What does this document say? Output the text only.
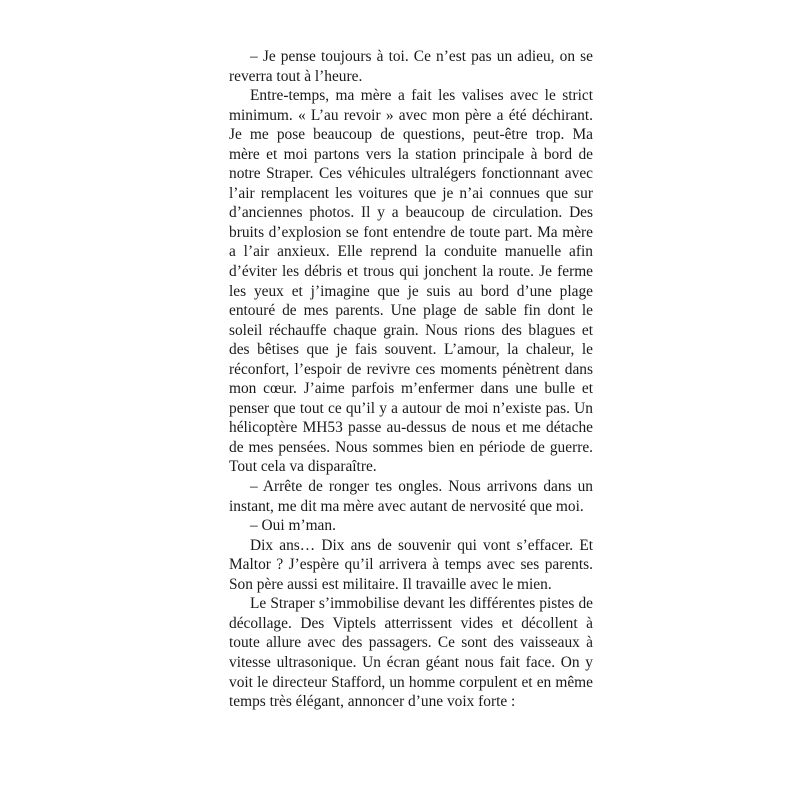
– Je pense toujours à toi. Ce n’est pas un adieu, on se reverra tout à l’heure.

Entre-temps, ma mère a fait les valises avec le strict minimum. « L’au revoir » avec mon père a été déchirant. Je me pose beaucoup de questions, peut-être trop. Ma mère et moi partons vers la station principale à bord de notre Straper. Ces véhicules ultralégers fonctionnant avec l’air remplacent les voitures que je n’ai connues que sur d’anciennes photos. Il y a beaucoup de circulation. Des bruits d’explosion se font entendre de toute part. Ma mère a l’air anxieux. Elle reprend la conduite manuelle afin d’éviter les débris et trous qui jonchent la route. Je ferme les yeux et j’imagine que je suis au bord d’une plage entouré de mes parents. Une plage de sable fin dont le soleil réchauffe chaque grain. Nous rions des blagues et des bêtises que je fais souvent. L’amour, la chaleur, le réconfort, l’espoir de revivre ces moments pénètrent dans mon cœur. J’aime parfois m’enfermer dans une bulle et penser que tout ce qu’il y a autour de moi n’existe pas. Un hélicoptère MH53 passe au-dessus de nous et me détache de mes pensées. Nous sommes bien en période de guerre. Tout cela va disparaître.

– Arrête de ronger tes ongles. Nous arrivons dans un instant, me dit ma mère avec autant de nervosité que moi.

– Oui m’man.

Dix ans… Dix ans de souvenir qui vont s’effacer. Et Maltor ? J’espère qu’il arrivera à temps avec ses parents. Son père aussi est militaire. Il travaille avec le mien.

Le Straper s’immobilise devant les différentes pistes de décollage. Des Viptels atterrissent vides et décollent à toute allure avec des passagers. Ce sont des vaisseaux à vitesse ultrasonique. Un écran géant nous fait face. On y voit le directeur Stafford, un homme corpulent et en même temps très élégant, annoncer d’une voix forte :
